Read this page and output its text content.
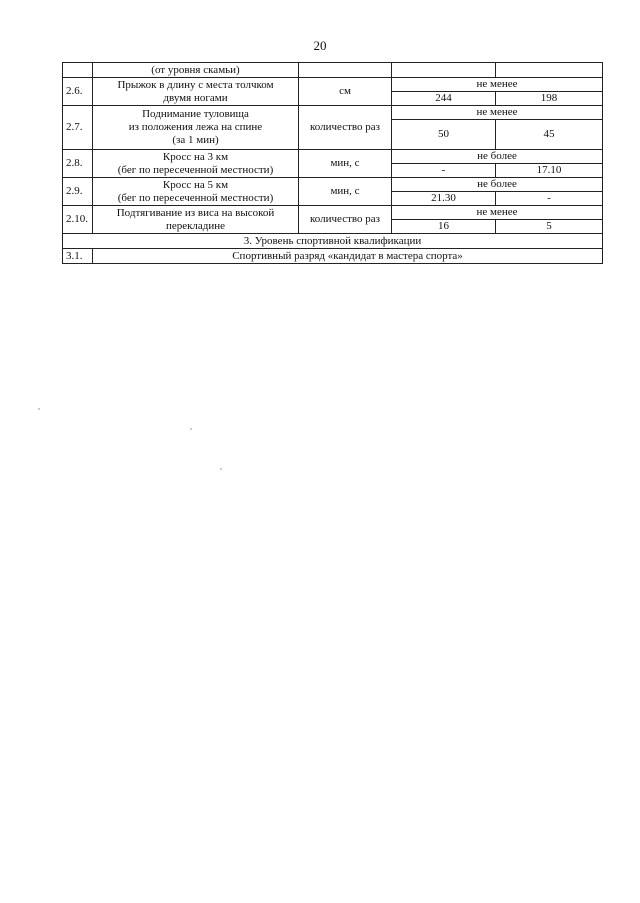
20
	(от уровня скамьи)			
2.6.	Прыжок в длину с места толчком
двумя ногами	см	не менее	
			244	198
2.7.	Поднимание туловища
из положения лежа на спине
(за 1 мин)	количество раз	не менее	
			50	45
2.8.	Кросс на 3 км
(бег по пересеченной местности)	мин, с	не более	
			-	17.10
2.9.	Кросс на 5 км
(бег по пересеченной местности)	мин, с	не более	
			21.30	-
2.10.	Подтягивание из виса на высокой
перекладине	количество раз	не менее	
			16	5
3. Уровень спортивной квалификации				
3.1.	Спортивный разряд «кандидат в мастера спорта»			
